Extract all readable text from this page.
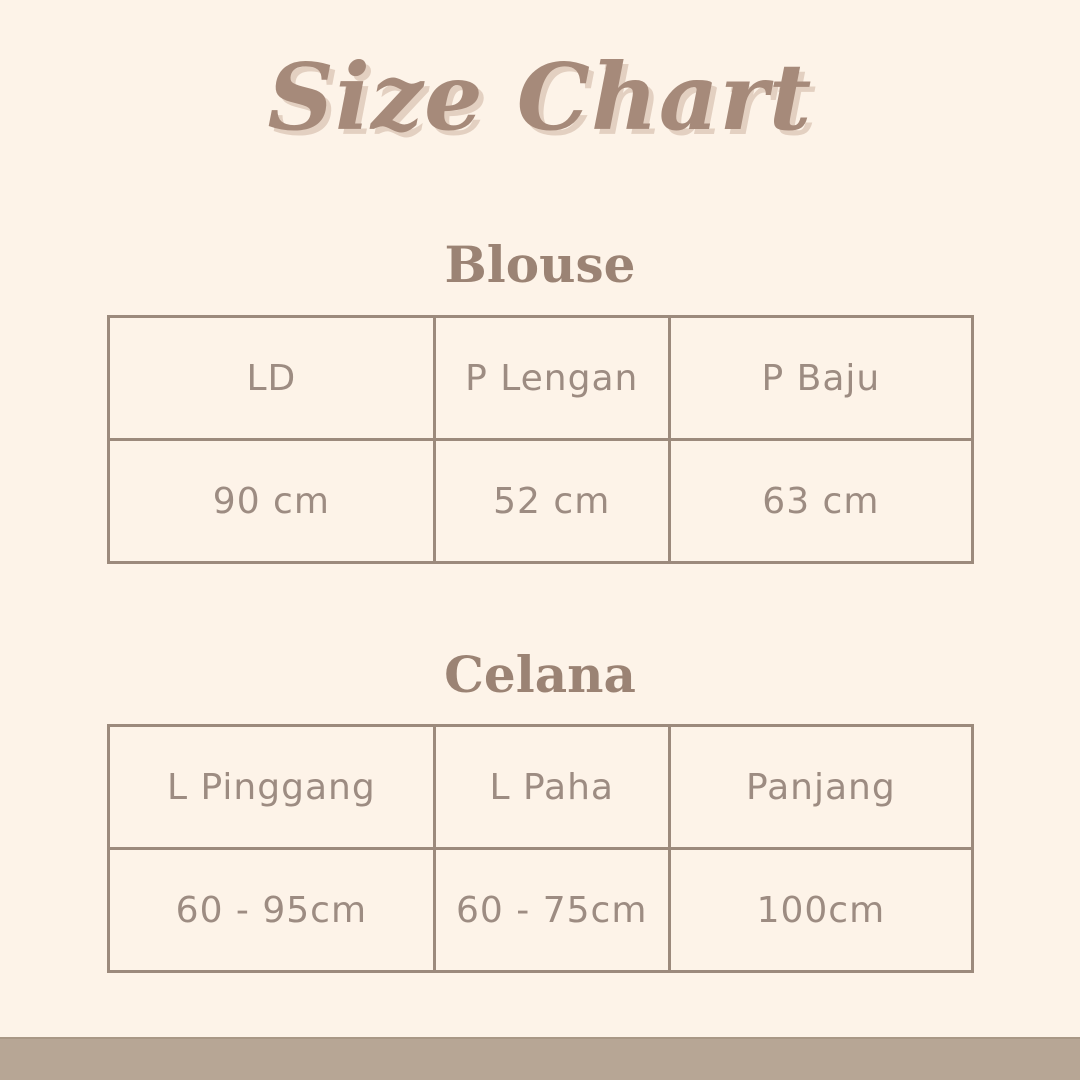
Size Chart
Blouse
LD	P Lengan	P Baju
90 cm	52 cm	63 cm
Celana
L Pinggang	L Paha	Panjang
60 - 95cm	60 - 75cm	100cm
